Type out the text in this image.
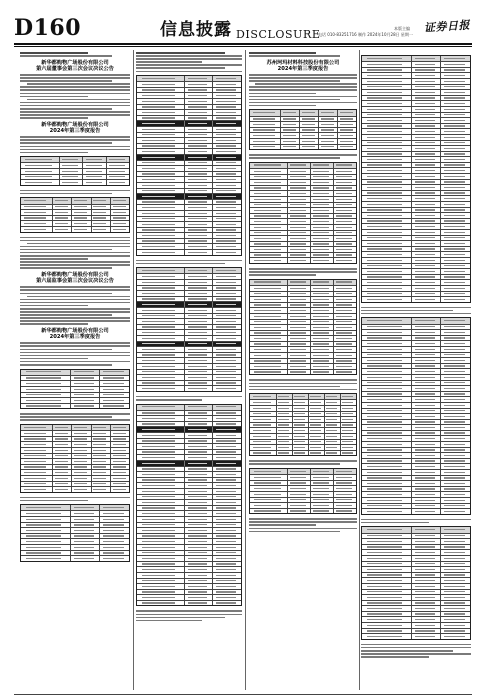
D160	信息披露 DISCLOSURE	本版主编
电话 010-83251716 制作 2024年10月28日 星期一 证券日报
新华都购物广场股份有限公司
第六届董事会第三次会议决议公告
新华都购物广场股份有限公司
2024年第三季度报告
新华都购物广场股份有限公司
第六届监事会第三次会议决议公告
新华都购物广场股份有限公司
2024年第三季度报告
苏州珂玛材料科技股份有限公司
2024年第三季度报告
